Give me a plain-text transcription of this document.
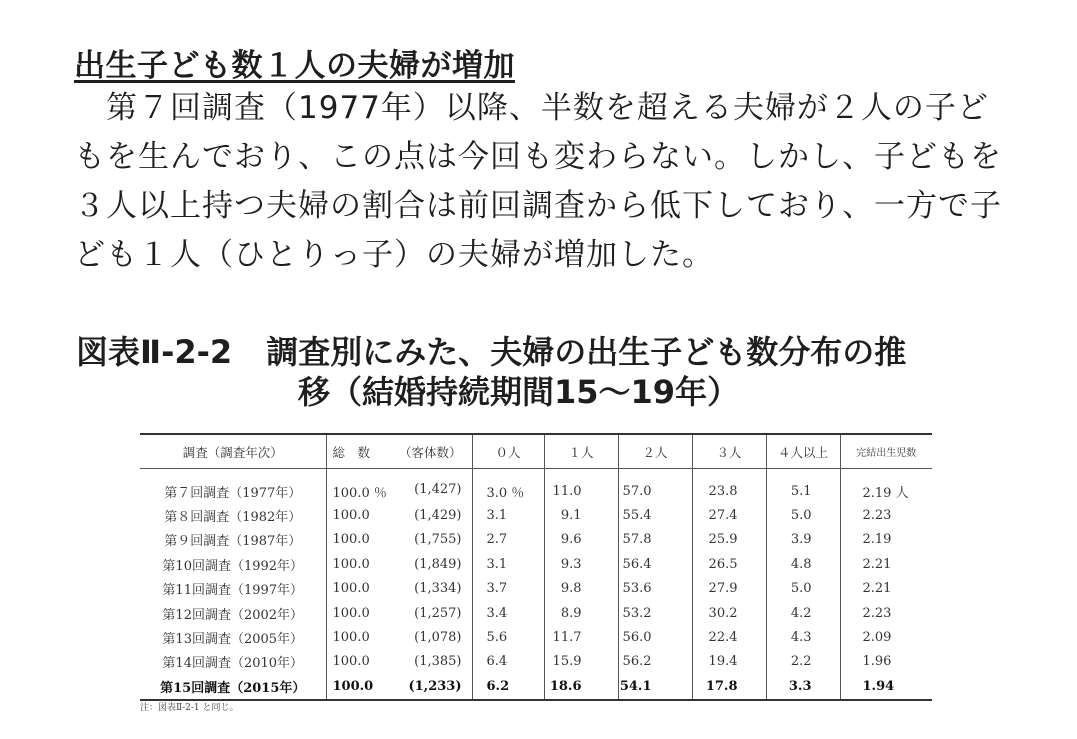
出生子ども数１人の夫婦が増加
　第７回調査（1977年）以降、半数を超える夫婦が２人の子どもを生んでおり、この点は今回も変わらない。しかし、子どもを３人以上持つ夫婦の割合は前回調査から低下しており、一方で子ども１人（ひとりっ子）の夫婦が増加した。
図表Ⅱ-2-2 調査別にみた、夫婦の出生子ども数分布の推
移（結婚持続期間15〜19年）
調査（調査年次）	総　数 （客体数）	０人	１人	２人	３人	４人以上	完結出生児数
第７回調査（1977年）	100.0 ％ (1,427)	3.0 ％	11.0	57.0	23.8	5.1	2.19 人
第８回調査（1982年）	100.0 (1,429)	3.1	9.1	55.4	27.4	5.0	2.23
第９回調査（1987年）	100.0 (1,755)	2.7	9.6	57.8	25.9	3.9	2.19
第10回調査（1992年）	100.0 (1,849)	3.1	9.3	56.4	26.5	4.8	2.21
第11回調査（1997年）	100.0 (1,334)	3.7	9.8	53.6	27.9	5.0	2.21
第12回調査（2002年）	100.0 (1,257)	3.4	8.9	53.2	30.2	4.2	2.23
第13回調査（2005年）	100.0 (1,078)	5.6	11.7	56.0	22.4	4.3	2.09
第14回調査（2010年）	100.0 (1,385)	6.4	15.9	56.2	19.4	2.2	1.96
第15回調査（2015年）	100.0 (1,233)	6.2	18.6	54.1	17.8	3.3	1.94
注：図表Ⅱ-2-1 と同じ。
